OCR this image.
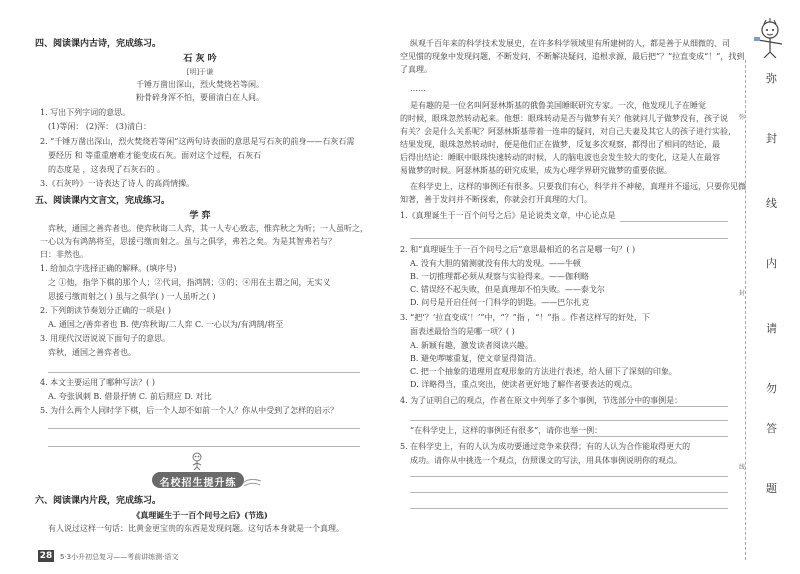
四、阅读课内古诗，完成练习。
石 灰 吟
[明]于谦
千锤万凿出深山，烈火焚烧若等闲。
粉骨碎身浑不怕，要留清白在人间。
1. 写出下列字词的意思。
(1)等闲： (2)浑： (3)清白：
2. “千锤万凿出深山，烈火焚烧若等闲”这两句诗表面的意思是写石灰的前身——石灰石需
要经历 和 等重重磨难才能变成石灰。面对这个过程，石灰石
的态度是 ，这表现了石灰石的 。
3.《石灰吟》一诗表达了诗人 的高尚情操。
五、阅读课内文言文，完成练习。
学 弈
弈秋，通国之善弈者也。使弈秋诲二人弈，其一人专心致志，惟弈秋之为听；一人虽听之，
一心以为有鸿鹄将至，思援弓缴而射之。虽与之俱学，弗若之矣。为是其智弗若与？
曰：非然也。
1. 给加点字选择正确的解释。(填序号)
之 ①他，指学下棋的那个人；②代词，指鸿鹄；③的；④用在主谓之间，无实义
思援弓缴而射之( ) 虽与之俱学( ) 一人虽听之( )
2. 下列朗读节奏划分正确的一项是( )
A. 通国之/善弈者也 B. 使/弈秋诲/二人弈 C. 一心以为/有鸿鹄/将至
3. 用现代汉语说说下面句子的意思。
弈秋，通国之善弈者也。
4. 本文主要运用了哪种写法？( )
A. 夸张讽刺 B. 借景抒情 C. 前后照应 D. 对比
5. 为什么两个人同时学下棋，后一个人却不如前一个人？你从中受到了怎样的启示？
名校招生提升练
六、阅读课内片段，完成练习。
《真理诞生于一百个问号之后》(节选)
有人说过这样一句话：比黄金更宝贵的东西是发现问题。这句话本身就是一个真理。
28 5·3小升初总复习——考前讲练测·语文
纵观千百年来的科学技术发展史，在许多科学领域里有所建树的人，都是善于从细微的、司
空见惯的现象中发现问题，不断发问，不断解决疑问，追根求源，最后把“？”拉直变成“！”，找到
了真理。
……
是有趣的是一位名叫阿瑟林斯基的俄鲁美国睡眠研究专家。一次，他发现儿子在睡觉
的时候，眼珠忽然转动起来。他想：眼珠转动是否与做梦有关？他就问儿子做梦没有，孩子说
有关？会是什么关系呢？阿瑟林斯基带着一连串的疑问，对自己夫妻及其它人的孩子进行实验，
结果发现，眼珠忽然转动时，便是他们正在做梦，反复多次观察，都得出了相同的结论，最
后得出结论：睡眠中眼珠快速转动的时候，人的脑电波也会发生较大的变化，这是人在最容
易做梦的时候。阿瑟林斯基的研究成果，成为心理学界研究做梦的重要依据。
在科学史上，这样的事例还有很多。只要我们有心，科学并不神秘，真理并不遥远，只要你见微
知著，善于发问并不断探索，你就会打开真理的大门。
1.《真理诞生于一百个问号之后》是论说类文章，中心论点是
2. 和“真理诞生于一百个问号之后”意思最相近的名言是哪一句？( )
A. 没有大胆的猜测就没有伟大的发现。——牛顿
B. 一切推理都必须从观察与实验得来。——伽利略
C. 错误经不起失败，但是真理却不怕失败。——泰戈尔
D. 问号是开启任何一门科学的钥匙。——巴尔扎克
3. “把‘？’拉直变成‘！’”中，“？”指 ，“！”指 。作者这样写的好处，下
面表述最恰当的是哪一项？( )
A. 新颖有趣，激发读者阅读兴趣。
B. 避免啰嗦重复，使文章显得简洁。
C. 把一个抽象的道理用直观形象的方法进行表述，给人留下了深刻的印象。
D. 详略得当，重点突出，使读者更好地了解作者要表达的观点。
4. 为了证明自己的观点，作者在原文中列举了多个事例，节选部分中的事例是：
“在科学史上，这样的事例还有很多”，请你也举一例：
5. 在科学史上，有的人认为成功要通过竞争来获得；有的人认为合作能取得更大的
成功。请你从中挑选一个观点，仿照课文的写法，用具体事例说明你的观点。
弥
封
线
内
请
勿
答
题
弥
封
线
